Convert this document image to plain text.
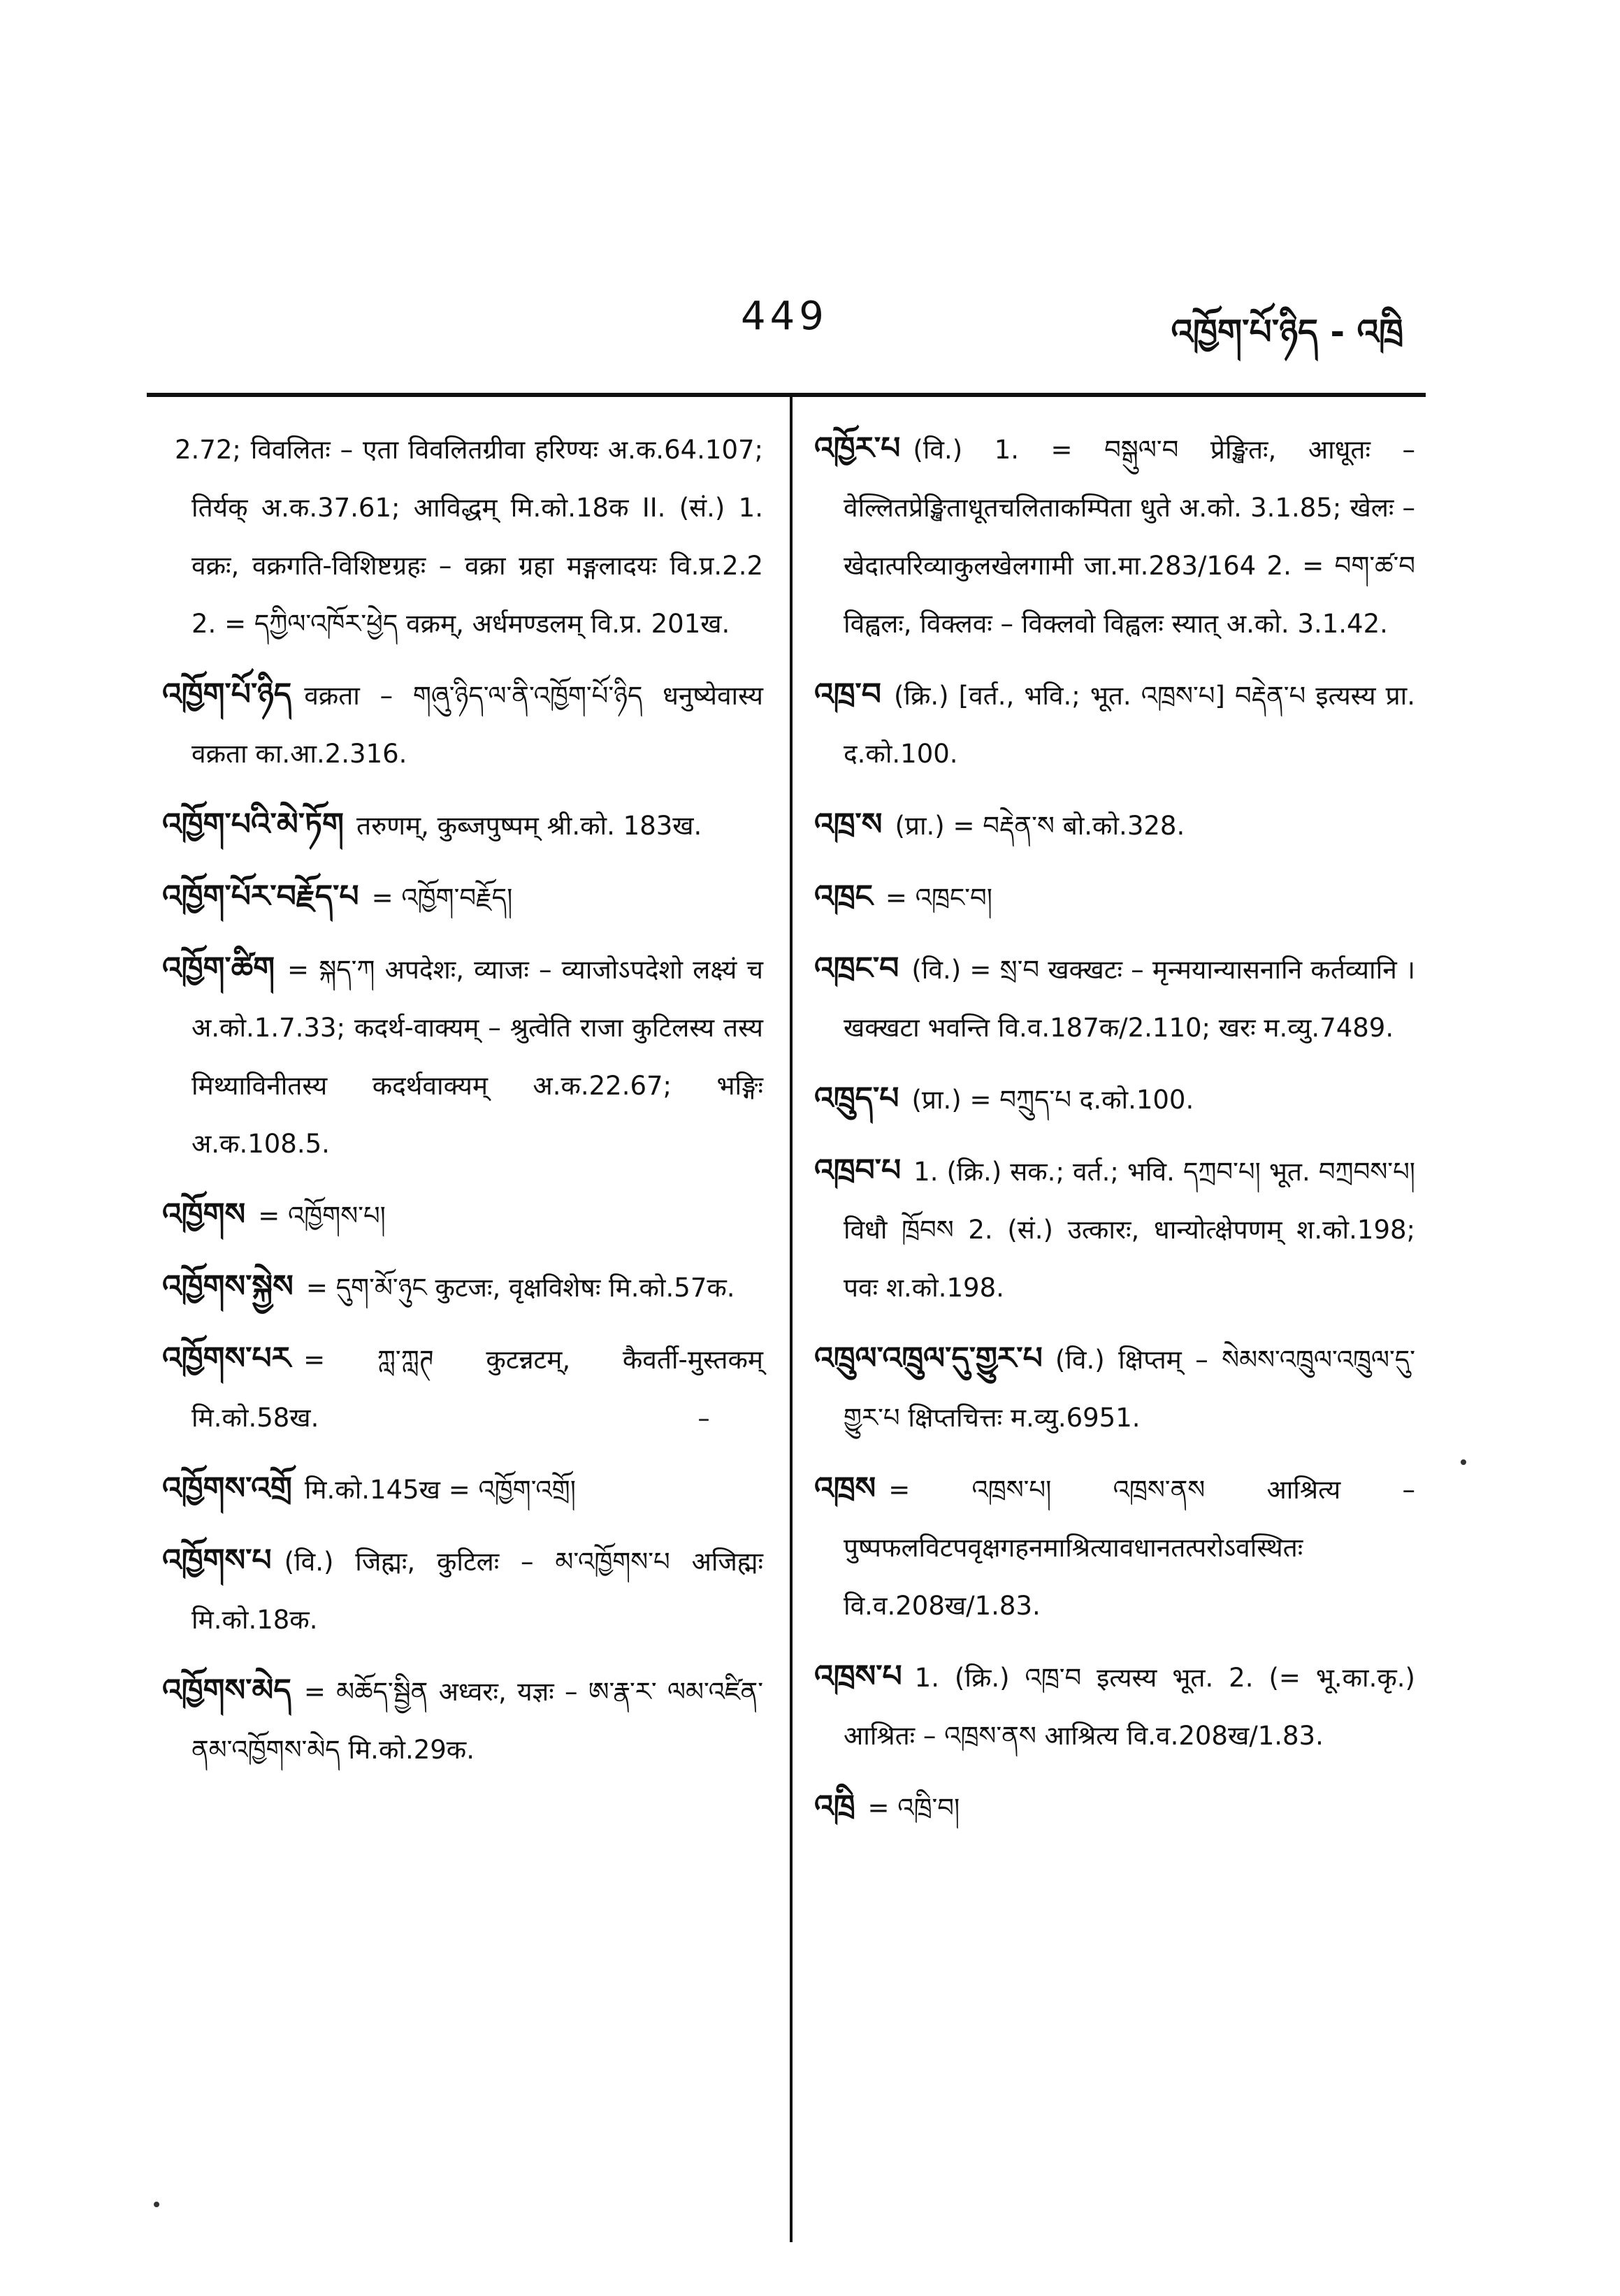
449	འཁྱོག་པོ་ཉིད - འཁྲི
2.72; विवलितः – एता विवलितग्रीवा हरिण्यः अ.क.64.107; तिर्यक् अ.क.37.61; आविद्धम् मि.को.18क II. (सं.) 1. वक्रः, वक्रगति-विशिष्टग्रहः – वक्रा ग्रहा मङ्गलादयः वि.प्र.2.2 2. = དཀྱིལ་འཁོར་ཕྱེད वक्रम्, अर्धमण्डलम् वि.प्र. 201ख.
འཁྱོག་པོ་ཉིད वक्रता – གཞུ་ཉིད་ལ་ནི་འཁྱོག་པོ་ཉིད धनुष्येवास्य वक्रता का.आ.2.316.
འཁྱོག་པའི་མེ་ཏོག तरुणम्, कुब्जपुष्पम् श्री.को. 183ख.
འཁྱོག་པོར་བརྗོད་པ = འཁྱོག་བརྗོད།
འཁྱོག་ཚིག = སྐད་ཀ अपदेशः, व्याजः – व्याजोऽपदेशो लक्ष्यं च अ.को.1.7.33; कदर्थ-वाक्यम् – श्रुत्वेति राजा कुटिलस्य तस्य मिथ्याविनीतस्य कदर्थवाक्यम् अ.क.22.67; भङ्गिः अ.क.108.5.
འཁྱོགས = འཁྱོགས་པ།
འཁྱོགས་སྐྱེས = དུག་མོ་ཉུང कुटजः, वृक्षविशेषः मि.को.57क.
འཁྱོགས་པར = ཀླ་ཀླཊ कुटन्नटम्, कैवर्ती-मुस्तकम् मि.को.58ख.
འཁྱོགས་འགྲོ मि.को.145ख = འཁྱོག་འགྲོ།
འཁྱོགས་པ (वि.) जिह्मः, कुटिलः – མ་འཁྱོགས་པ अजिह्मः मि.को.18क.
འཁྱོགས་མེད = མཆོད་སྦྱིན अध्वरः, यज्ञः – ཨ་རྣ་ར་ ལམ་འཛིན་ནམ་འཁྱོགས་མེད मि.को.29क.
འཁྱོར་པ (वि.) 1. = བསྒུལ་བ प्रेङ्खितः, आधूतः – वेल्लितप्रेङ्खिताधूतचलिताकम्पिता धुते अ.को. 3.1.85; खेलः – खेदात्परिव्याकुलखेलगामी जा.मा.283/164 2. = བག་ཚ་བ विह्वलः, विक्लवः – विक्लवो विह्वलः स्यात् अ.को. 3.1.42.
འཁྲ་བ (क्रि.) [वर्त., भवि.; भूत. འཁྲས་པ] བརྡེན་པ इत्यस्य प्रा. द.को.100.
འཁྲ་ས (प्रा.) = བརྡེན་ས बो.को.328.
འཁྲང = འཁྲང་བ།
འཁྲང་བ (वि.) = སྲ་བ खक्खटः – मृन्मयान्यासनानि कर्तव्यानि । खक्खटा भवन्ति वि.व.187क/2.110; खरः म.व्यु.7489.
འཁྲུད་པ (प्रा.) = བཀྲུད་པ द.को.100.
འཁྲབ་པ 1. (क्रि.) सक.; वर्त.; भवि. དཀྲབ་པ། भूत. བཀྲབས་པ། विधौ ཁྲོབས 2. (सं.) उत्कारः, धान्योत्क्षेपणम् श.को.198; पवः श.को.198.
འཁྲུལ་འཁྲུལ་དུ་གྱུར་པ (वि.) क्षिप्तम् – སེམས་འཁྲུལ་འཁྲུལ་དུ་གྱུར་པ क्षिप्तचित्तः म.व्यु.6951.
འཁྲས = འཁྲས་པ། འཁྲས་ནས आश्रित्य – पुष्पफलविटपवृक्षगहनमाश्रित्यावधानतत्परोऽवस्थितः वि.व.208ख/1.83.
འཁྲས་པ 1. (क्रि.) འཁྲ་བ इत्यस्य भूत. 2. (= भू.का.कृ.) आश्रितः – འཁྲས་ནས आश्रित्य वि.व.208ख/1.83.
འཁྲི = འཁྲི་བ།
